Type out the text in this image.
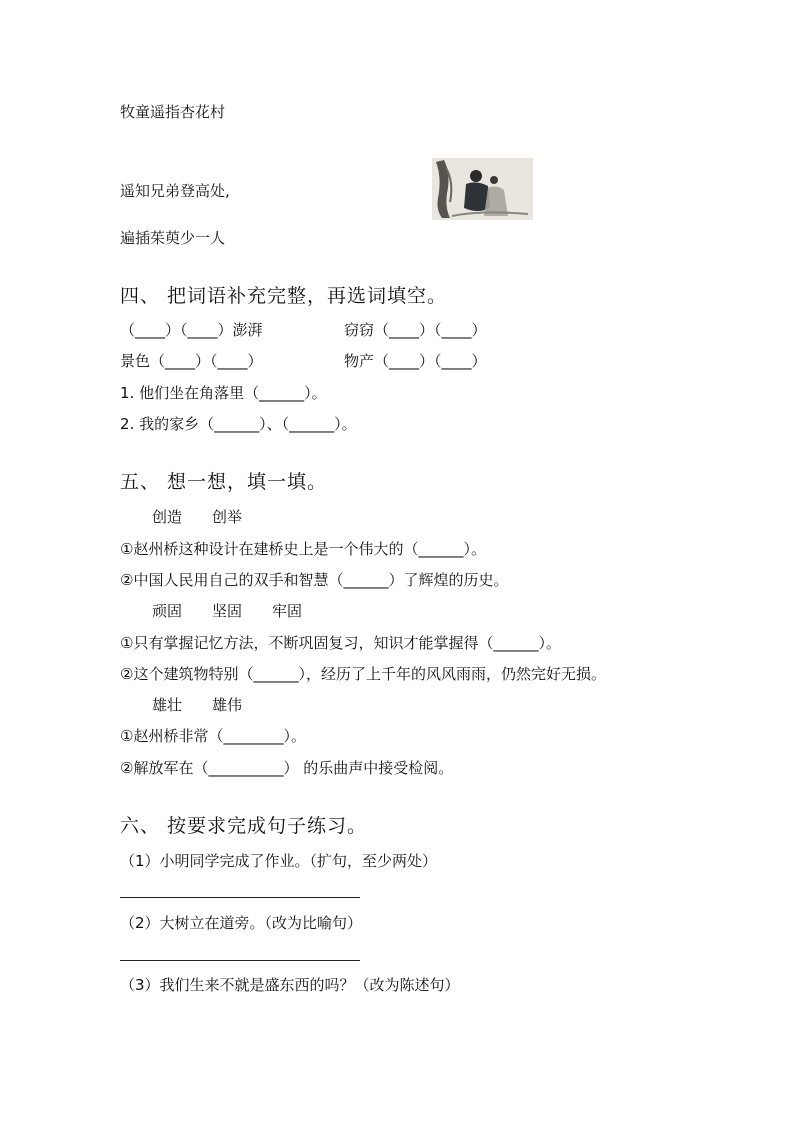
牧童遥指杏花村
遥知兄弟登高处,
遍插茱萸少一人
四、 把词语补充完整，再选词填空。
（____）（____）澎湃	窃窃（____）（____）
景色（____）（____）	物产（____）（____）
1. 他们坐在角落里（______）。
2. 我的家乡（______）、（______）。
五、 想一想，填一填。
创造 创举
①赵州桥这种设计在建桥史上是一个伟大的（______）。
②中国人民用自己的双手和智慧（______）了辉煌的历史。
顽固 坚固 牢固
①只有掌握记忆方法，不断巩固复习，知识才能掌握得（______）。
②这个建筑物特别（______），经历了上千年的风风雨雨，仍然完好无损。
雄壮 雄伟
①赵州桥非常（________）。
②解放军在（__________） 的乐曲声中接受检阅。
六、 按要求完成句子练习。
（1）小明同学完成了作业。（扩句，至少两处）
（2）大树立在道旁。（改为比喻句）
（3）我们生来不就是盛东西的吗？（改为陈述句）
